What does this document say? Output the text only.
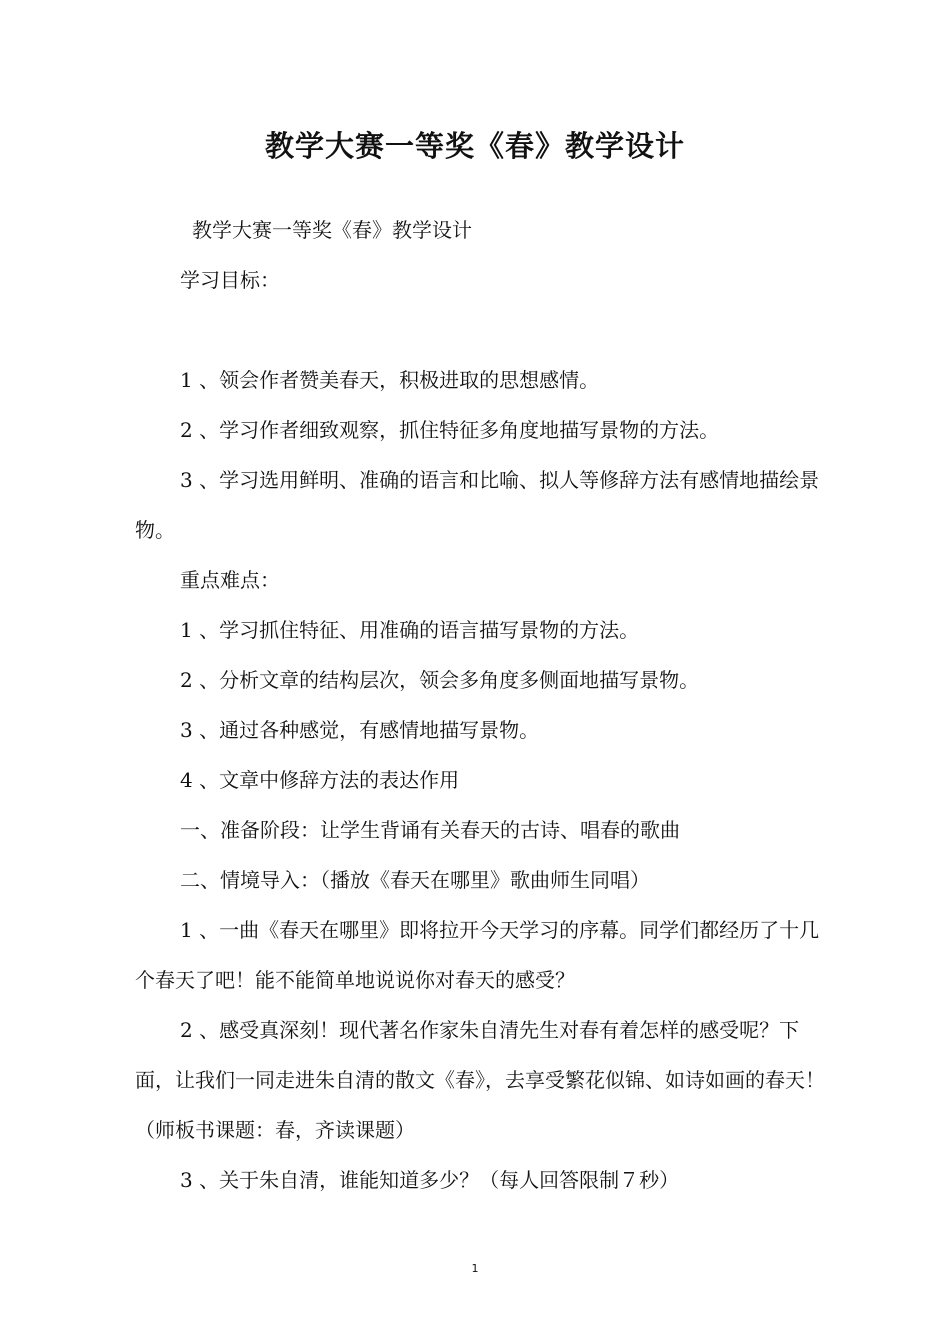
教学大赛一等奖《春》教学设计

教学大赛一等奖《春》教学设计

学习目标：

1 、领会作者赞美春天，积极进取的思想感情。

2 、学习作者细致观察，抓住特征多角度地描写景物的方法。

3 、学习选用鲜明、准确的语言和比喻、拟人等修辞方法有感情地描绘景物。

重点难点：

1 、学习抓住特征、用准确的语言描写景物的方法。

2 、分析文章的结构层次，领会多角度多侧面地描写景物。

3 、通过各种感觉，有感情地描写景物。

4 、文章中修辞方法的表达作用

一、准备阶段：让学生背诵有关春天的古诗、唱春的歌曲

二、情境导入：（播放《春天在哪里》歌曲师生同唱）

1 、一曲《春天在哪里》即将拉开今天学习的序幕。同学们都经历了十几个春天了吧！能不能简单地说说你对春天的感受？

2 、感受真深刻！现代著名作家朱自清先生对春有着怎样的感受呢？下面，让我们一同走进朱自清的散文《春》，去享受繁花似锦、如诗如画的春天！（师板书课题：春，齐读课题）

3 、关于朱自清，谁能知道多少？（每人回答限制７秒）

1
